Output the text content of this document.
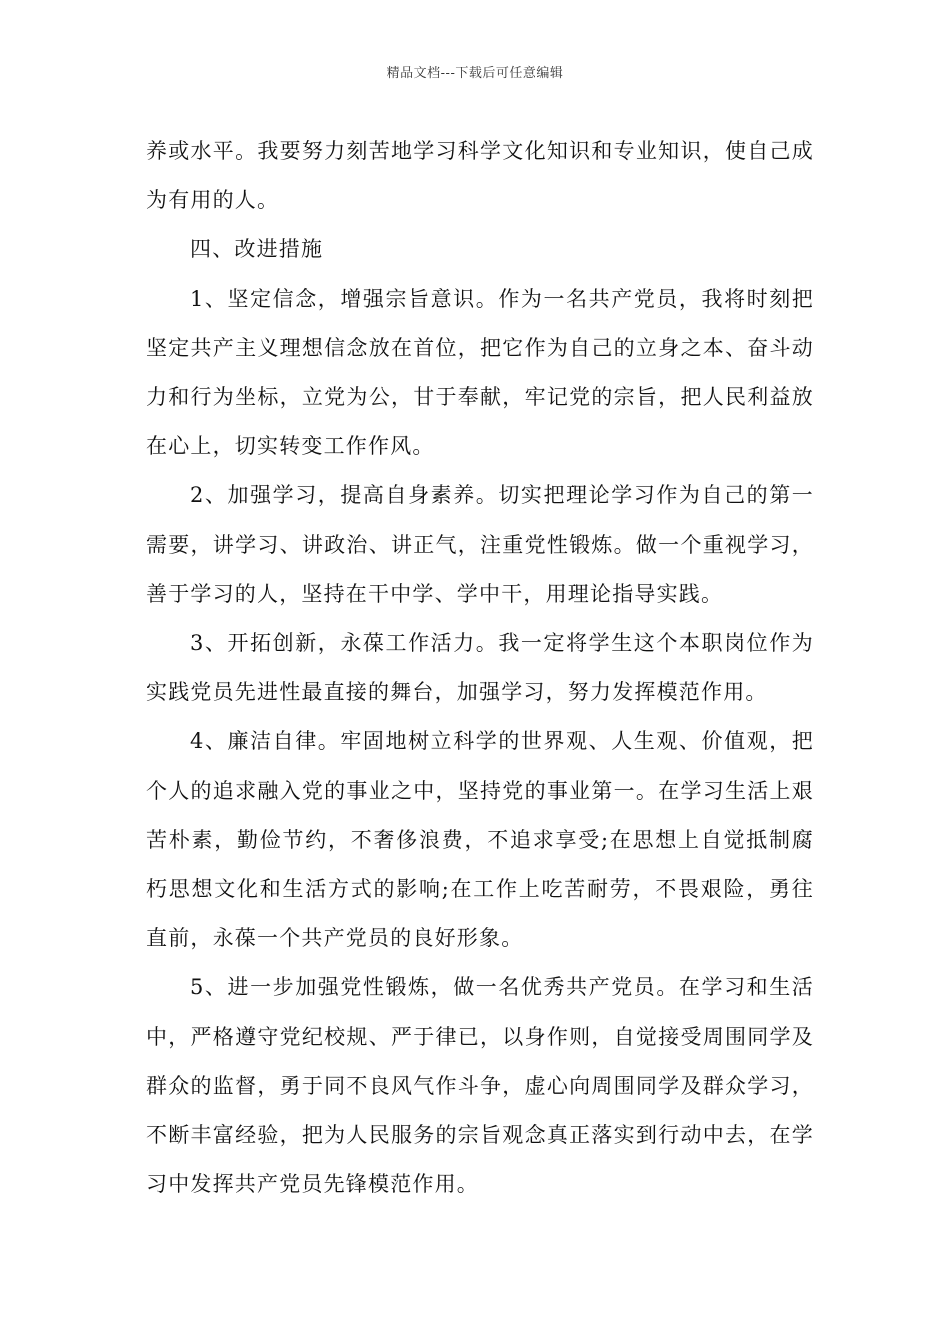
精品文档---下载后可任意编辑

养或水平。我要努力刻苦地学习科学文化知识和专业知识，使自己成为有用的人。

四、改进措施

1、坚定信念，增强宗旨意识。作为一名共产党员，我将时刻把坚定共产主义理想信念放在首位，把它作为自己的立身之本、奋斗动力和行为坐标，立党为公，甘于奉献，牢记党的宗旨，把人民利益放在心上，切实转变工作作风。

2、加强学习，提高自身素养。切实把理论学习作为自己的第一需要，讲学习、讲政治、讲正气，注重党性锻炼。做一个重视学习，善于学习的人，坚持在干中学、学中干，用理论指导实践。

3、开拓创新，永葆工作活力。我一定将学生这个本职岗位作为实践党员先进性最直接的舞台，加强学习，努力发挥模范作用。

4、廉洁自律。牢固地树立科学的世界观、人生观、价值观，把个人的追求融入党的事业之中，坚持党的事业第一。在学习生活上艰苦朴素，勤俭节约，不奢侈浪费，不追求享受;在思想上自觉抵制腐朽思想文化和生活方式的影响;在工作上吃苦耐劳，不畏艰险，勇往直前，永葆一个共产党员的良好形象。

5、进一步加强党性锻炼，做一名优秀共产党员。在学习和生活中，严格遵守党纪校规、严于律已，以身作则，自觉接受周围同学及群众的监督，勇于同不良风气作斗争，虚心向周围同学及群众学习，不断丰富经验，把为人民服务的宗旨观念真正落实到行动中去，在学习中发挥共产党员先锋模范作用。
